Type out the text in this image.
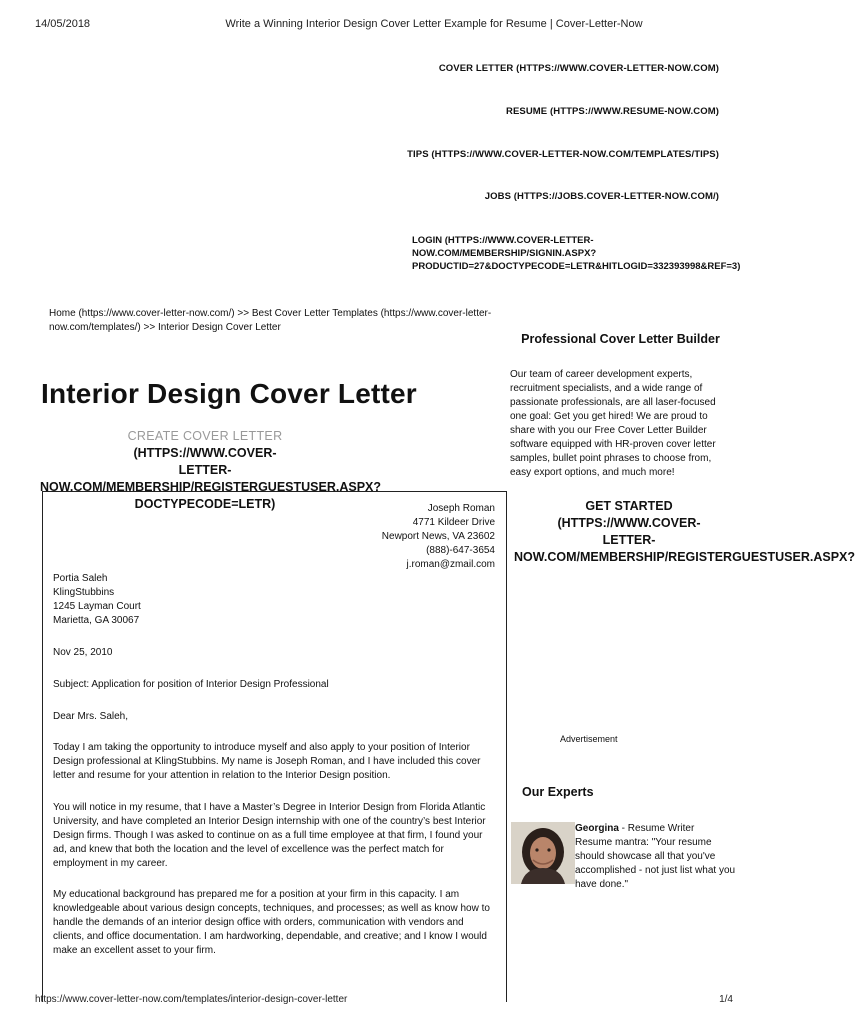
14/05/2018	Write a Winning Interior Design Cover Letter Example for Resume | Cover-Letter-Now
COVER LETTER (HTTPS://WWW.COVER-LETTER-NOW.COM)
RESUME (HTTPS://WWW.RESUME-NOW.COM)
TIPS (HTTPS://WWW.COVER-LETTER-NOW.COM/TEMPLATES/TIPS)
JOBS (HTTPS://JOBS.COVER-LETTER-NOW.COM/)
LOGIN (HTTPS://WWW.COVER-LETTER-
NOW.COM/MEMBERSHIP/SIGNIN.ASPX?
PRODUCTID=27&DOCTYPECODE=LETR&HITLOGID=332393998&REF=3)
Home (https://www.cover-letter-now.com/) >> Best Cover Letter Templates (https://www.cover-letter-
now.com/templates/) >> Interior Design Cover Letter
Interior Design Cover Letter
CREATE COVER LETTER
(HTTPS://WWW.COVER-
LETTER-
NOW.COM/MEMBERSHIP/REGISTERGUESTUSER.ASPX?
DOCTYPECODE=LETR)	Joseph Roman
4771 Kildeer Drive
Newport News, VA 23602
(888)-647-3654
j.roman@zmail.com
Portia Saleh
KlingStubbins
1245 Layman Court
Marietta, GA 30067
Nov 25, 2010
Subject: Application for position of Interior Design Professional
Dear Mrs. Saleh,
Today I am taking the opportunity to introduce myself and also apply to your position of Interior Design professional at KlingStubbins. My name is Joseph Roman, and I have included this cover letter and resume for your attention in relation to the Interior Design position.
You will notice in my resume, that I have a Master’s Degree in Interior Design from Florida Atlantic University, and have completed an Interior Design internship with one of the country’s best Interior Design firms. Though I was asked to continue on as a full time employee at that firm, I found your ad, and knew that both the location and the level of excellence was the perfect match for employment in my career.
My educational background has prepared me for a position at your firm in this capacity. I am knowledgeable about various design concepts, techniques, and processes; as well as know how to handle the demands of an interior design office with orders, communication with vendors and clients, and office documentation. I am hardworking, dependable, and creative; and I know I would make an excellent asset to your firm.
Professional Cover Letter Builder
Our team of career development experts, recruitment specialists, and a wide range of passionate professionals, are all laser-focused one goal: Get you get hired! We are proud to share with you our Free Cover Letter Builder software equipped with HR-proven cover letter samples, bullet point phrases to choose from, easy export options, and much more!
GET STARTED
(HTTPS://WWW.COVER-
LETTER-
NOW.COM/MEMBERSHIP/REGISTERGUESTUSER.ASPX?
Advertisement
Our Experts
Georgina - Resume Writer
Resume mantra: "Your resume should showcase all that you've accomplished - not just list what you have done."
https://www.cover-letter-now.com/templates/interior-design-cover-letter	1/4
